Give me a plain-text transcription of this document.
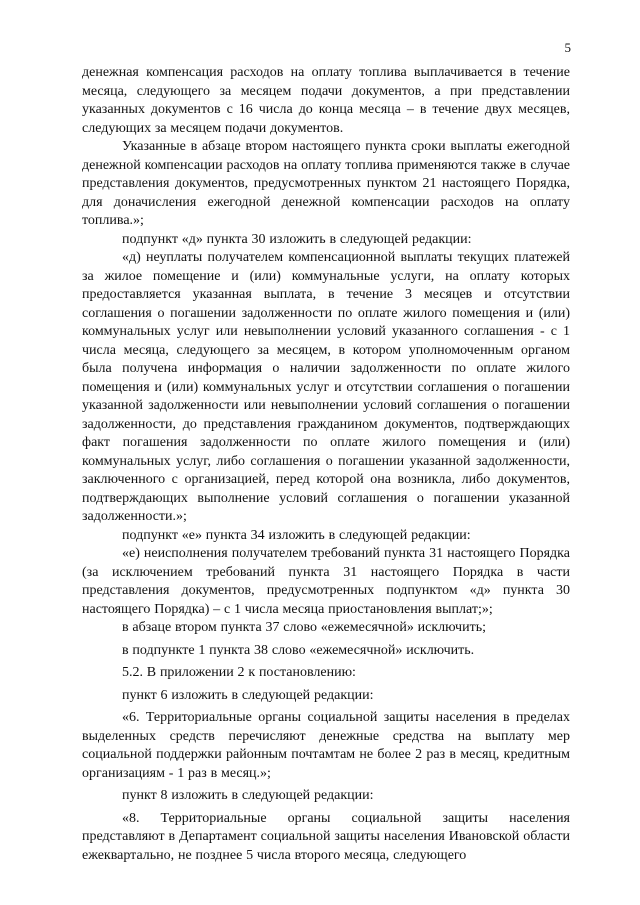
5

денежная компенсация расходов на оплату топлива выплачивается в течение месяца, следующего за месяцем подачи документов, а при представлении указанных документов с 16 числа до конца месяца – в течение двух месяцев, следующих за месяцем подачи документов.

Указанные в абзаце втором настоящего пункта сроки выплаты ежегодной денежной компенсации расходов на оплату топлива применяются также в случае представления документов, предусмотренных пунктом 21 настоящего Порядка, для доначисления ежегодной денежной компенсации расходов на оплату топлива.»;

подпункт «д» пункта 30 изложить в следующей редакции:

«д) неуплаты получателем компенсационной выплаты текущих платежей за жилое помещение и (или) коммунальные услуги, на оплату которых предоставляется указанная выплата, в течение 3 месяцев и отсутствии соглашения о погашении задолженности по оплате жилого помещения и (или) коммунальных услуг или невыполнении условий указанного соглашения - с 1 числа месяца, следующего за месяцем, в котором уполномоченным органом была получена информация о наличии задолженности по оплате жилого помещения и (или) коммунальных услуг и отсутствии соглашения о погашении указанной задолженности или невыполнении условий соглашения о погашении задолженности, до представления гражданином документов, подтверждающих факт погашения задолженности по оплате жилого помещения и (или) коммунальных услуг, либо соглашения о погашении указанной задолженности, заключенного с организацией, перед которой она возникла, либо документов, подтверждающих выполнение условий соглашения о погашении указанной задолженности.»;

подпункт «е» пункта 34 изложить в следующей редакции:

«е) неисполнения получателем требований пункта 31 настоящего Порядка (за исключением требований пункта 31 настоящего Порядка в части представления документов, предусмотренных подпунктом «д» пункта 30 настоящего Порядка) – с 1 числа месяца приостановления выплат;»;

в абзаце втором пункта 37 слово «ежемесячной» исключить;

в подпункте 1 пункта 38 слово «ежемесячной» исключить.

5.2. В приложении 2 к постановлению:

пункт 6 изложить в следующей редакции:

«6. Территориальные органы социальной защиты населения в пределах выделенных средств перечисляют денежные средства на выплату мер социальной поддержки районным почтамтам не более 2 раз в месяц, кредитным организациям - 1 раз в месяц.»;

пункт 8 изложить в следующей редакции:

«8. Территориальные органы социальной защиты населения представляют в Департамент социальной защиты населения Ивановской области ежеквартально, не позднее 5 числа второго месяца, следующего
